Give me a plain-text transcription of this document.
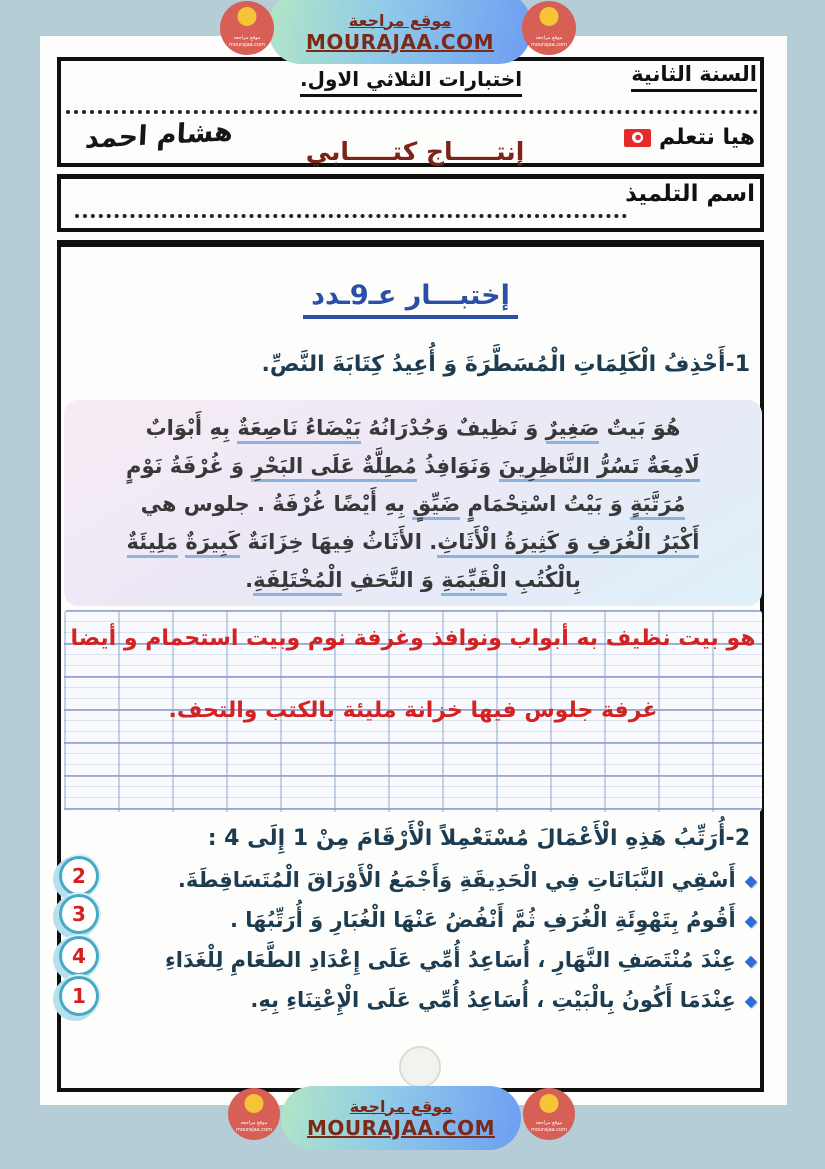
موقع مراجعة
mourajaa.com
موقع مراجعة
mourajaa.com
موقع مراجعة
MOURAJAA.COM
السنة الثانية
اختبارات الثلاثي الاول.
هيا نتعلم
إنتـــــاج كتـــــابي
هشام احمد
اسم التلميذ
إختبـــار عـ9ـدد
1-أَحْذِفُ الْكَلِمَاتِ الْمُسَطَّرَةَ وَ أُعِيدُ كِتَابَةَ النَّصِّ.
هُوَ بَيتٌ صَغِيرٌ وَ نَظِيفٌ وَجُدْرَانُهُ بَيْضَاءُ نَاصِعَةٌ بِهِ أَبْوَابٌ
لَامِعَةٌ تَسُرُّ النَّاظِرِينَ وَنَوَافِذُ مُطِلَّةٌ عَلَى البَحْرِ وَ غُرْفَةُ نَوْمٍ
مُرَتَّبَةٍ وَ بَيْتُ اسْتِحْمَامٍ ضَيِّقٍ بِهِ أَيْضًا غُرْفَةُ . جلوس هي
أَكْبَرُ الْغُرَفِ وَ كَثِيرَةُ الْأَثَاثِ. الأَثَاثُ فِيهَا خِزَانَةٌ كَبِيرَةٌ مَلِيئَةٌ
بِالْكُتُبِ الْقَيِّمَةِ وَ التَّحَفِ الْمُخْتَلِفَةِ.
هو بيت نظيف به أبواب ونوافذ وغرفة نوم وبيت استحمام و أيضا
غرفة جلوس فيها خزانة مليئة بالكتب والتحف.
2-أُرَتِّبُ هَذِهِ الْأَعْمَالَ مُسْتَعْمِلاً الْأَرْقَامَ مِنْ 1 إِلَى 4 :
◆
أَسْقِي النَّبَاتَاتِ فِي الْحَدِيقَةِ وَأَجْمَعُ الْأَوْرَاقَ الْمُتَسَاقِطَةَ.
◆
أَقُومُ بِتَهْوِئَةِ الْغُرَفِ ثُمَّ أَنْفُضُ عَنْهَا الْغُبَارِ وَ أُرَتِّبُهَا .
◆
عِنْدَ مُنْتَصَفِ النَّهَارِ ، أُسَاعِدُ أُمِّي عَلَى إِعْدَادِ الطَّعَامِ لِلْغَدَاءِ
◆
عِنْدَمَا أَكُونُ بِالْبَيْتِ ، أُسَاعِدُ أُمِّي عَلَى الْإِعْتِنَاءِ بِهِ.
2
3
4
1
موقع مراجعة
mourajaa.com
موقع مراجعة
mourajaa.com
موقع مراجعة
MOURAJAA.COM
